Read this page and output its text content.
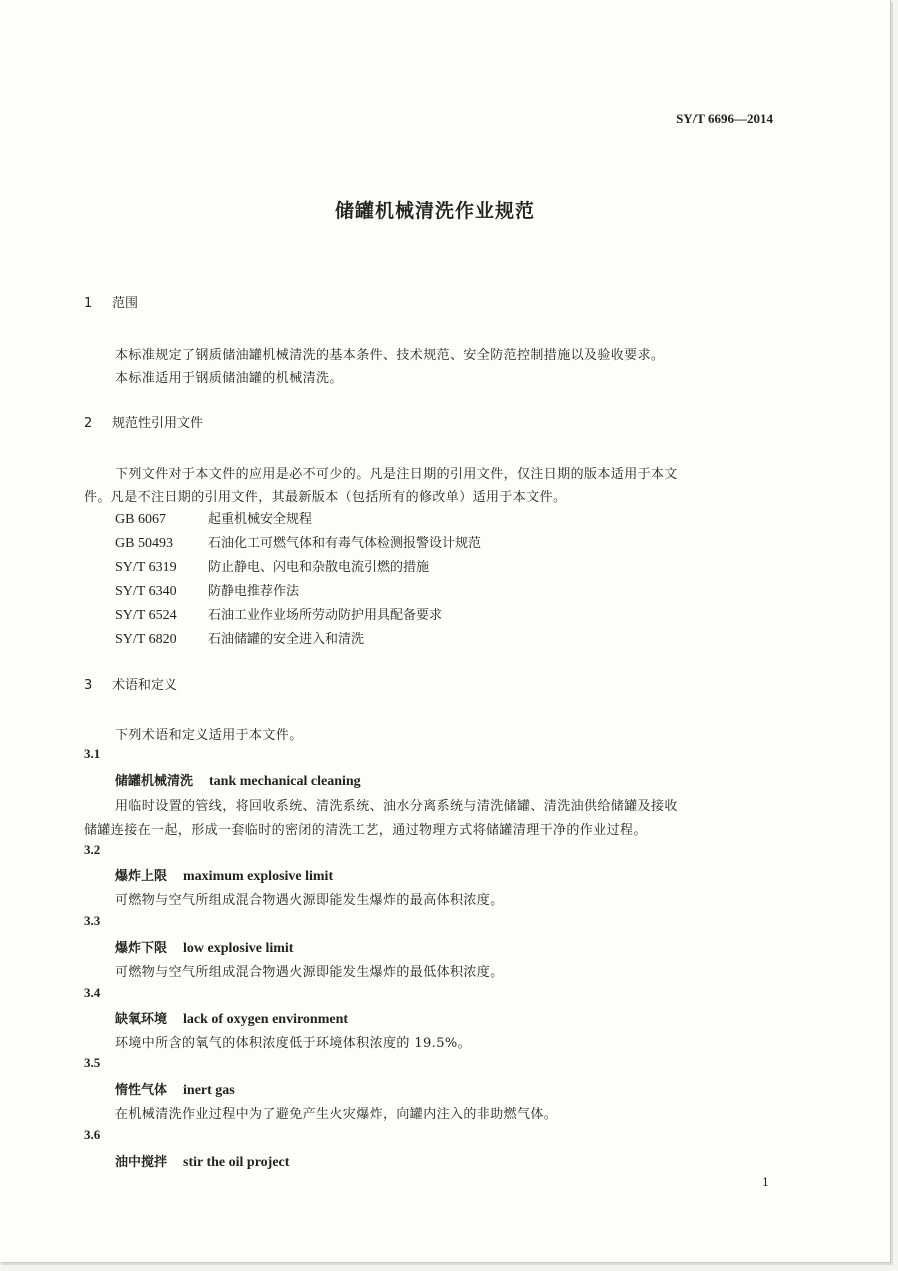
SY/T 6696—2014
储罐机械清洗作业规范
1 范围
本标准规定了钢质储油罐机械清洗的基本条件、技术规范、安全防范控制措施以及验收要求。
本标准适用于钢质储油罐的机械清洗。
2 规范性引用文件
下列文件对于本文件的应用是必不可少的。凡是注日期的引用文件，仅注日期的版本适用于本文
件。凡是不注日期的引用文件，其最新版本（包括所有的修改单）适用于本文件。
GB 6067	起重机械安全规程
GB 50493	石油化工可燃气体和有毒气体检测报警设计规范
SY/T 6319 防止静电、闪电和杂散电流引燃的措施
SY/T 6340 防静电推荐作法
SY/T 6524 石油工业作业场所劳动防护用具配备要求
SY/T 6820 石油储罐的安全进入和清洗
3 术语和定义
下列术语和定义适用于本文件。
3.1
储罐机械清洗 tank mechanical cleaning
用临时设置的管线，将回收系统、清洗系统、油水分离系统与清洗储罐、清洗油供给储罐及接收
储罐连接在一起，形成一套临时的密闭的清洗工艺，通过物理方式将储罐清理干净的作业过程。
3.2
爆炸上限 maximum explosive limit
可燃物与空气所组成混合物遇火源即能发生爆炸的最高体积浓度。
3.3
爆炸下限 low explosive limit
可燃物与空气所组成混合物遇火源即能发生爆炸的最低体积浓度。
3.4
缺氧环境 lack of oxygen environment
环境中所含的氧气的体积浓度低于环境体积浓度的 19.5%。
3.5
惰性气体 inert gas
在机械清洗作业过程中为了避免产生火灾爆炸，向罐内注入的非助燃气体。
3.6
油中搅拌 stir the oil project
1
